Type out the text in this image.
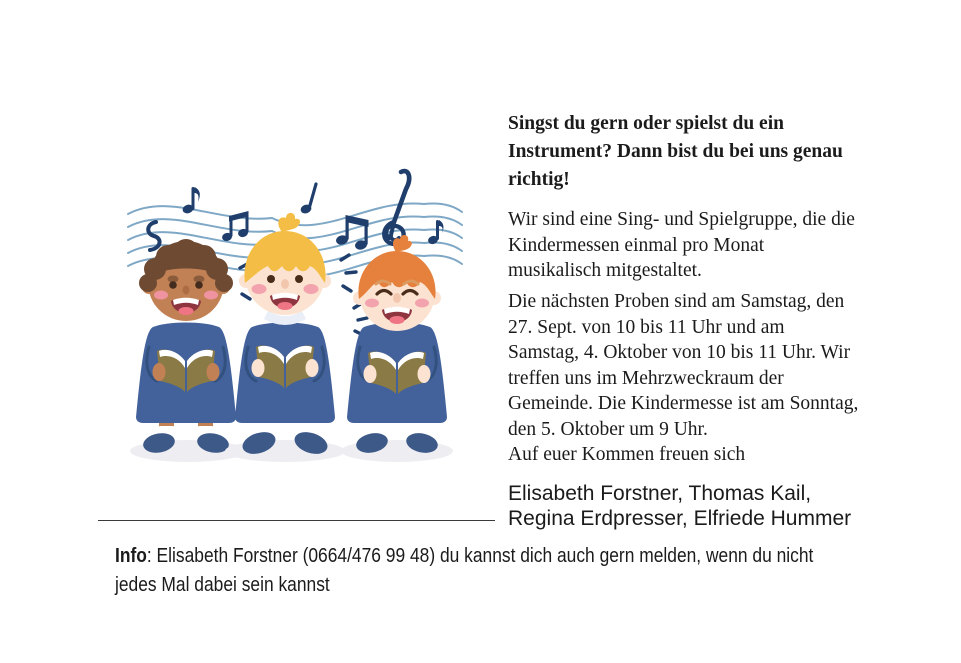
Singst du gern oder spielst du ein Instrument? Dann bist du bei uns genau richtig!

Wir sind eine Sing- und Spielgruppe, die die Kindermessen einmal pro Monat musikalisch mitgestaltet.

Die nächsten Proben sind am Samstag, den 27. Sept. von 10 bis 11 Uhr und am Samstag, 4. Oktober von 10 bis 11 Uhr. Wir treffen uns im Mehrzweckraum der Gemeinde. Die Kindermesse ist am Sonntag, den 5. Oktober um 9 Uhr.

Auf euer Kommen freuen sich

Elisabeth Forstner, Thomas Kail, Regina Erdpresser, Elfriede Hummer

Info: Elisabeth Forstner (0664/476 99 48) du kannst dich auch gern melden, wenn du nicht
jedes Mal dabei sein kannst
